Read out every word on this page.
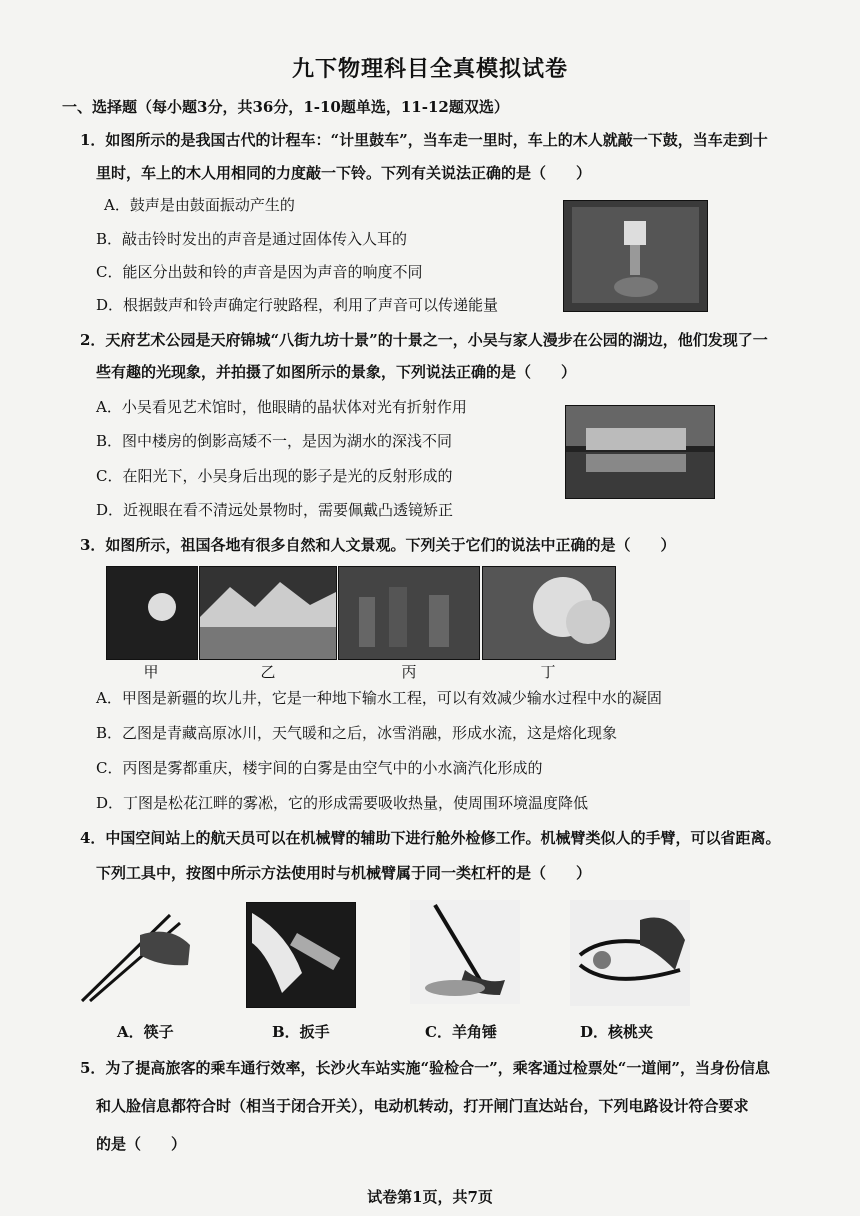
九下物理科目全真模拟试卷
一、选择题（每小题3分，共36分，1-10题单选，11-12题双选）
1．如图所示的是我国古代的计程车：“计里鼓车”，当车走一里时，车上的木人就敲一下鼓，当车走到十
里时，车上的木人用相同的力度敲一下铃。下列有关说法正确的是（　　）
A．鼓声是由鼓面振动产生的
B．敲击铃时发出的声音是通过固体传入人耳的
C．能区分出鼓和铃的声音是因为声音的响度不同
D．根据鼓声和铃声确定行驶路程，利用了声音可以传递能量
2．天府艺术公园是天府锦城“八街九坊十景”的十景之一，小吴与家人漫步在公园的湖边，他们发现了一
些有趣的光现象，并拍摄了如图所示的景象，下列说法正确的是（　　）
A．小吴看见艺术馆时，他眼睛的晶状体对光有折射作用
B．图中楼房的倒影高矮不一，是因为湖水的深浅不同
C．在阳光下，小吴身后出现的影子是光的反射形成的
D．近视眼在看不清远处景物时，需要佩戴凸透镜矫正
3．如图所示，祖国各地有很多自然和人文景观。下列关于它们的说法中正确的是（　　）
甲	乙	丙	丁
A．甲图是新疆的坎儿井，它是一种地下输水工程，可以有效减少输水过程中水的凝固
B．乙图是青藏高原冰川，天气暖和之后，冰雪消融，形成水流，这是熔化现象
C．丙图是雾都重庆，楼宇间的白雾是由空气中的小水滴汽化形成的
D．丁图是松花江畔的雾凇，它的形成需要吸收热量，使周围环境温度降低
4．中国空间站上的航天员可以在机械臂的辅助下进行舱外检修工作。机械臂类似人的手臂，可以省距离。
下列工具中，按图中所示方法使用时与机械臂属于同一类杠杆的是（　　）
A．筷子	B．扳手	C．羊角锤	D．核桃夹
5．为了提高旅客的乘车通行效率，长沙火车站实施“验检合一”，乘客通过检票处“一道闸”，当身份信息
和人脸信息都符合时（相当于闭合开关），电动机转动，打开闸门直达站台，下列电路设计符合要求
的是（　　）
试卷第1页，共7页
